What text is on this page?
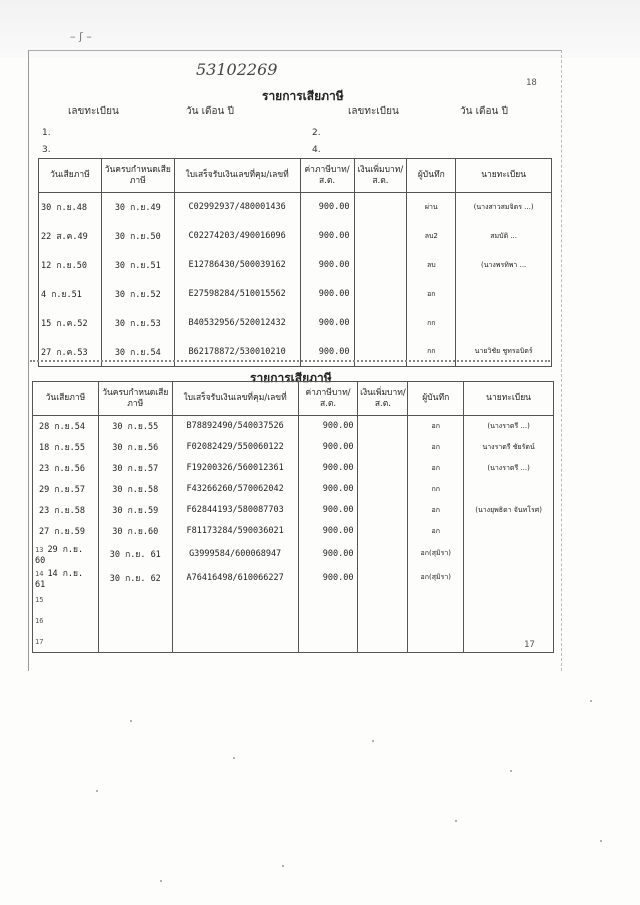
– ʃ –
53102269
18
รายการเสียภาษี
เลขทะเบียน	วัน เดือน ปี	เลขทะเบียน	วัน เดือน ปี
1.	2.
3.	4.
วันเสียภาษี	วันครบกำหนดเสียภาษี	ใบเสร็จรับเงินเลขที่คุม/เลขที่	ค่าภาษีบาท/ส.ต.	เงินเพิ่มบาท/ส.ต.	ผู้บันทึก	นายทะเบียน
30 ก.ย.48	30 ก.ย.49	C02992937/480001436	900.00		ผ่าน	(นางสาวสมจิตร ...)
22 ส.ค.49	30 ก.ย.50	C02274203/490016096	900.00		ลบ2	สมบัติ ...
12 ก.ย.50	30 ก.ย.51	E12786430/500039162	900.00		ลบ	(นางพรทิพา ...
4 ก.ย.51	30 ก.ย.52	E27598284/510015562	900.00		อก	
15 ก.ค.52	30 ก.ย.53	B40532956/520012432	900.00		กก	
27 ก.ค.53	30 ก.ย.54	B62178872/530010210	900.00		กก	นายวิชัย ชูทรอบิตร์
รายการเสียภาษี
วันเสียภาษี	วันครบกำหนดเสียภาษี	ใบเสร็จรับเงินเลขที่คุม/เลขที่	ค่าภาษีบาท/ส.ต.	เงินเพิ่มบาท/ส.ต.	ผู้บันทึก	นายทะเบียน
28 ก.ย.54	30 ก.ย.55	B78892490/540037526	900.00		อก	(นางราตรี ...)
18 ก.ย.55	30 ก.ย.56	F02082429/550060122	900.00		อก	นางราตรี ชัยรัตน์
23 ก.ย.56	30 ก.ย.57	F19200326/560012361	900.00		อก	(นางราตรี ...)
29 ก.ย.57	30 ก.ย.58	F43266260/570062042	900.00		กก	
23 ก.ย.58	30 ก.ย.59	F62844193/580087703	900.00		อก	(นางยุพธิดา จันทโรศ)
27 ก.ย.59	30 ก.ย.60	F81173284/590036021	900.00		อก	
13 29 ก.ย. 60	30 ก.ย. 61	G3999584/600068947	900.00		อก(สุมิรา)	
14 14 ก.ย. 61	30 ก.ย. 62	A7641649​8/610066227	900.00		อก(สุมิรา)	
15						
16						
17							17
